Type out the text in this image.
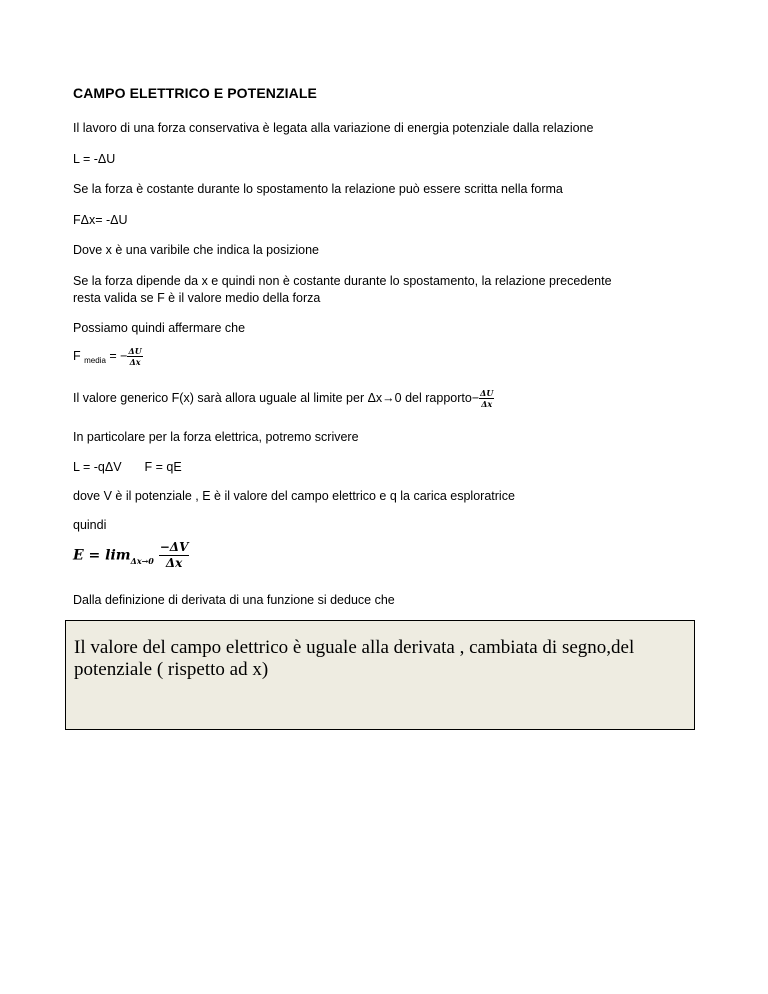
CAMPO ELETTRICO E POTENZIALE
Il lavoro di una forza conservativa è legata alla variazione di energia potenziale dalla relazione
L = -ΔU
Se la forza è costante durante lo spostamento la relazione può essere scritta nella forma
FΔx= -ΔU
Dove x è una varibile che indica la posizione
Se la forza dipende da x e quindi non è costante durante lo spostamento, la relazione precedente resta valida se F è il valore medio della forza
Possiamo quindi affermare che
F $_{media}$ = − $\frac{\Delta U}{\Delta x}$
Il valore generico F(x) sarà allora uguale al limite per Δx→0 del rapporto− $\frac{\Delta U}{\Delta x}$
In particolare per la forza elettrica, potremo scrivere
L = -qΔV F = qE
dove V è il potenziale , E è il valore del campo elettrico e q la carica esploratrice
quindi
$E = \lim_{\Delta x\to 0} \frac{-\Delta V}{\Delta x}$
Dalla definizione di derivata di una funzione si deduce che
Il valore del campo elettrico è uguale alla derivata , cambiata di segno,del potenziale ( rispetto ad x)
